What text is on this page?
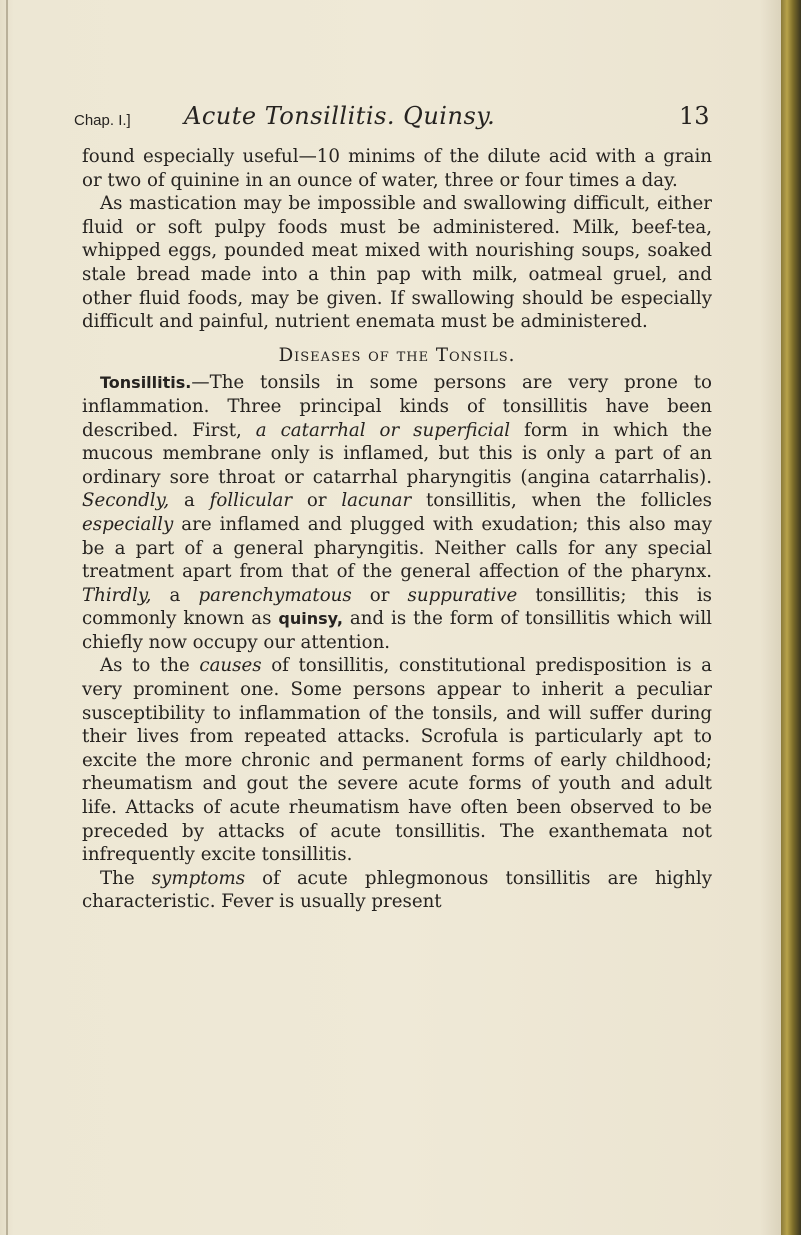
Chap. I.] Acute Tonsillitis. Quinsy.	13

found especially useful—10 minims of the dilute acid with a grain or two of quinine in an ounce of water, three or four times a day.

As mastication may be impossible and swallowing difficult, either fluid or soft pulpy foods must be administered. Milk, beef-tea, whipped eggs, pounded meat mixed with nourishing soups, soaked stale bread made into a thin pap with milk, oatmeal gruel, and other fluid foods, may be given. If swallowing should be especially difficult and painful, nutrient enemata must be administered.

Diseases of the Tonsils.

Tonsillitis.—The tonsils in some persons are very prone to inflammation. Three principal kinds of tonsillitis have been described. First, a catarrhal or superficial form in which the mucous membrane only is inflamed, but this is only a part of an ordinary sore throat or catarrhal pharyngitis (angina catarrhalis). Secondly, a follicular or lacunar tonsillitis, when the follicles especially are inflamed and plugged with exudation; this also may be a part of a general pharyngitis. Neither calls for any special treatment apart from that of the general affection of the pharynx. Thirdly, a parenchymatous or suppurative tonsillitis; this is commonly known as quinsy, and is the form of tonsillitis which will chiefly now occupy our attention.

As to the causes of tonsillitis, constitutional predisposition is a very prominent one. Some persons appear to inherit a peculiar susceptibility to inflammation of the tonsils, and will suffer during their lives from repeated attacks. Scrofula is particularly apt to excite the more chronic and permanent forms of early childhood; rheumatism and gout the severe acute forms of youth and adult life. Attacks of acute rheumatism have often been observed to be preceded by attacks of acute tonsillitis. The exanthemata not infrequently excite tonsillitis.

The symptoms of acute phlegmonous tonsillitis are highly characteristic. Fever is usually present
